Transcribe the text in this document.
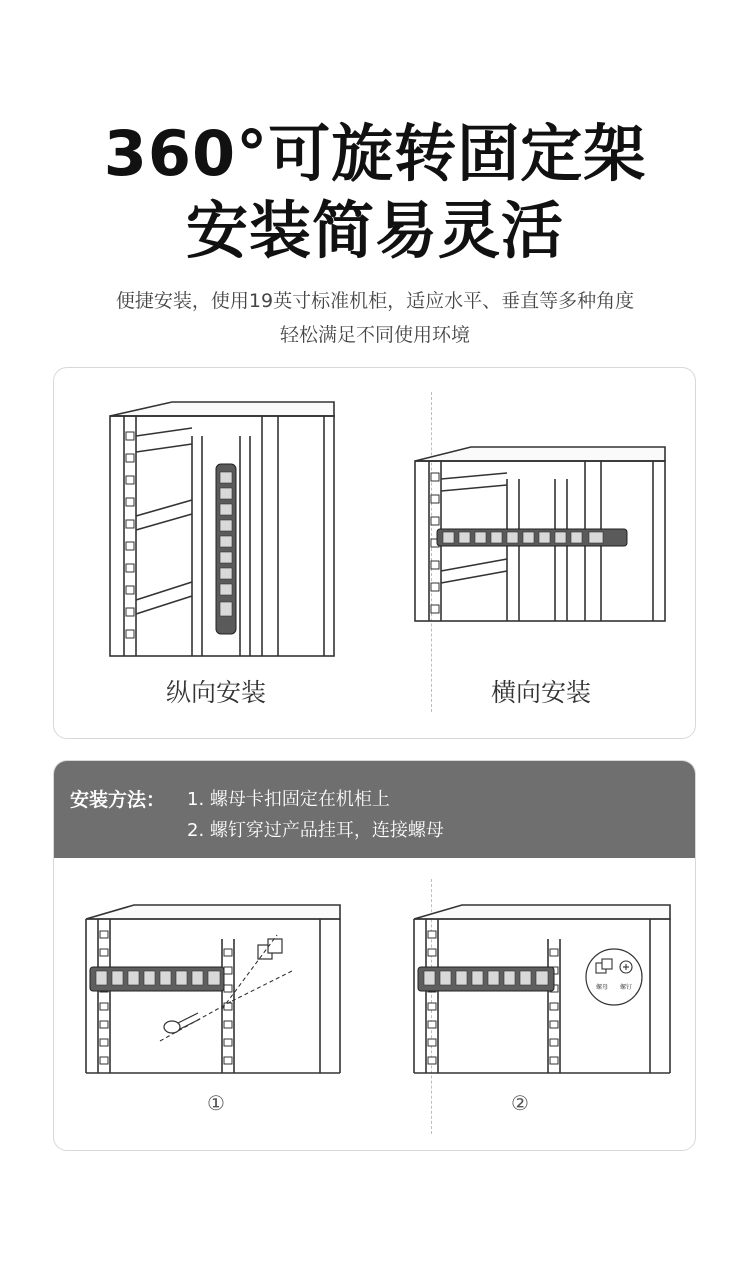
360°可旋转固定架
安装简易灵活
便捷安装，使用19英寸标准机柜，适应水平、垂直等多种角度
轻松满足不同使用环境
纵向安装	横向安装
安装方法： 1. 螺母卡扣固定在机柜上
2. 螺钉穿过产品挂耳，连接螺母
①
螺母 螺钉
②
